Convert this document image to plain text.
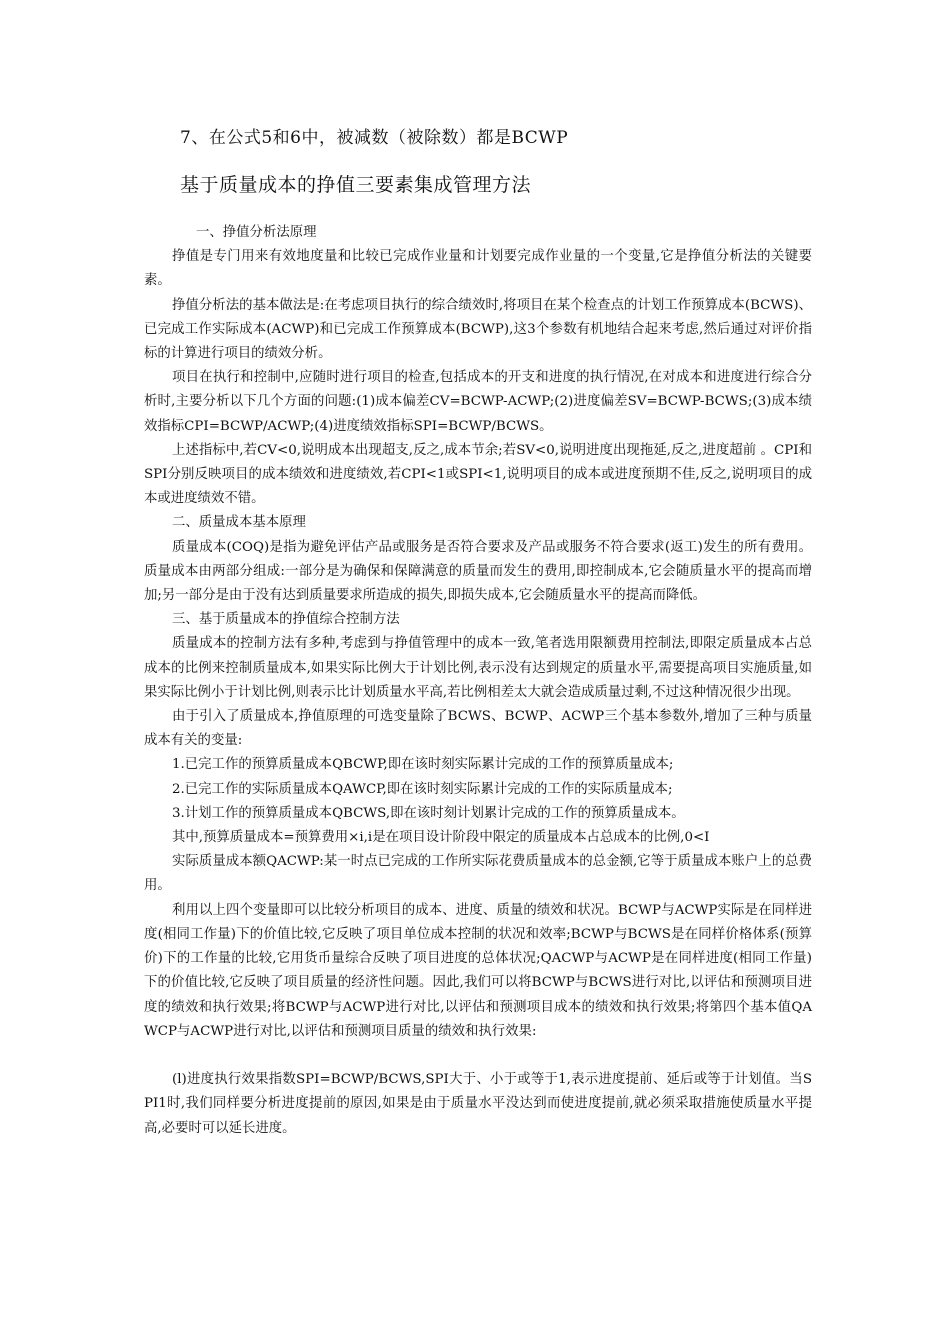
7、在公式5和6中，被减数（被除数）都是BCWP
基于质量成本的挣值三要素集成管理方法

一、挣值分析法原理

挣值是专门用来有效地度量和比较已完成作业量和计划要完成作业量的一个变量,它是挣值分析法的关键要素。

挣值分析法的基本做法是:在考虑项目执行的综合绩效时,将项目在某个检查点的计划工作预算成本(BCWS)、已完成工作实际成本(ACWP)和已完成工作预算成本(BCWP),这3个参数有机地结合起来考虑,然后通过对评价指标的计算进行项目的绩效分析。

项目在执行和控制中,应随时进行项目的检查,包括成本的开支和进度的执行情况,在对成本和进度进行综合分析时,主要分析以下几个方面的问题:(1)成本偏差CV=BCWP-ACWP;(2)进度偏差SV=BCWP-BCWS;(3)成本绩效指标CPI=BCWP/ACWP;(4)进度绩效指标SPI=BCWP/BCWS。

上述指标中,若CV<0,说明成本出现超支,反之,成本节余;若SV<0,说明进度出现拖延,反之,进度超前 。CPI和SPI分别反映项目的成本绩效和进度绩效,若CPI<1或SPI<1,说明项目的成本或进度预期不佳,反之,说明项目的成本或进度绩效不错。

二、质量成本基本原理

质量成本(COQ)是指为避免评估产品或服务是否符合要求及产品或服务不符合要求(返工)发生的所有费用。质量成本由两部分组成:一部分是为确保和保障满意的质量而发生的费用,即控制成本,它会随质量水平的提高而增加;另一部分是由于没有达到质量要求所造成的损失,即损失成本,它会随质量水平的提高而降低。

三、基于质量成本的挣值综合控制方法

质量成本的控制方法有多种,考虑到与挣值管理中的成本一致,笔者选用限额费用控制法,即限定质量成本占总成本的比例来控制质量成本,如果实际比例大于计划比例,表示没有达到规定的质量水平,需要提高项目实施质量,如果实际比例小于计划比例,则表示比计划质量水平高,若比例相差太大就会造成质量过剩,不过这种情况很少出现。

由于引入了质量成本,挣值原理的可选变量除了BCWS、BCWP、ACWP三个基本参数外,增加了三种与质量成本有关的变量:

1.已完工作的预算质量成本QBCWP,即在该时刻实际累计完成的工作的预算质量成本;

2.已完工作的实际质量成本QAWCP,即在该时刻实际累计完成的工作的实际质量成本;

3.计划工作的预算质量成本QBCWS,即在该时刻计划累计完成的工作的预算质量成本。

其中,预算质量成本=预算费用×i,i是在项目设计阶段中限定的质量成本占总成本的比例,0<I

实际质量成本额QACWP:某一时点已完成的工作所实际花费质量成本的总金额,它等于质量成本账户上的总费用。

利用以上四个变量即可以比较分析项目的成本、进度、质量的绩效和状况。BCWP与ACWP实际是在同样进度(相同工作量)下的价值比较,它反映了项目单位成本控制的状况和效率;BCWP与BCWS是在同样价格体系(预算价)下的工作量的比较,它用货币量综合反映了项目进度的总体状况;QACWP与ACWP是在同样进度(相同工作量)下的价值比较,它反映了项目质量的经济性问题。因此,我们可以将BCWP与BCWS进行对比,以评估和预测项目进度的绩效和执行效果;将BCWP与ACWP进行对比,以评估和预测项目成本的绩效和执行效果;将第四个基本值QAWCP与ACWP进行对比,以评估和预测项目质量的绩效和执行效果:

(l)进度执行效果指数SPI=BCWP/BCWS,SPI大于、小于或等于1,表示进度提前、延后或等于计划值。当SPI1时,我们同样要分析进度提前的原因,如果是由于质量水平没达到而使进度提前,就必须采取措施使质量水平提高,必要时可以延长进度。
